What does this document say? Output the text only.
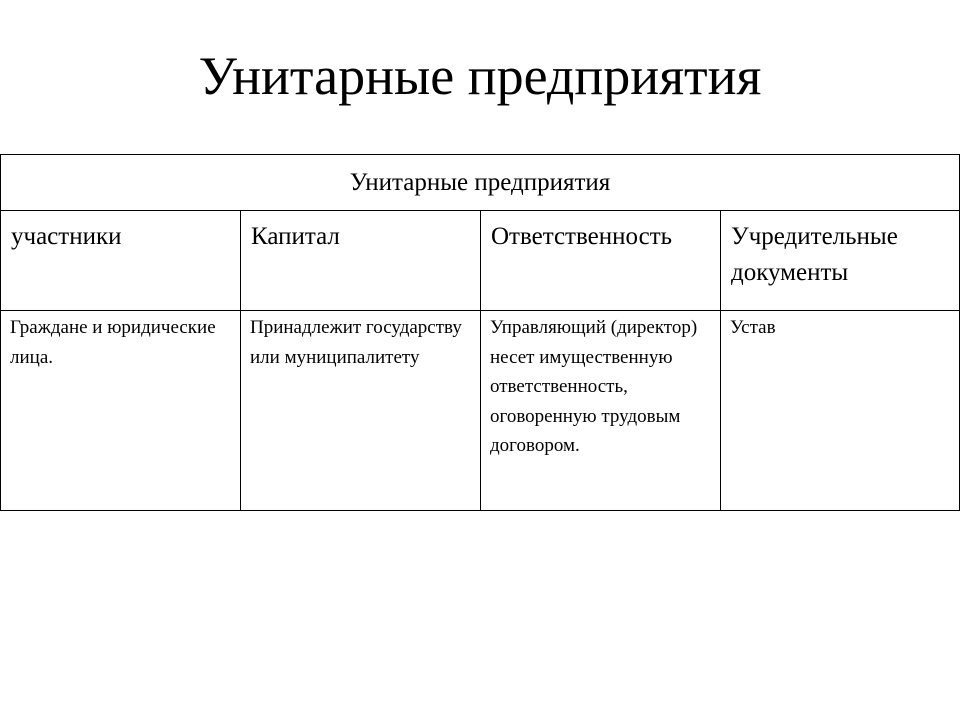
Унитарные предприятия
Унитарные предприятия			

участники	Капитал	Ответственность	Учредительные документы

Граждане и юридические лица.	Принадлежит государству или муниципалитету	Управляющий (директор) несет имущественную ответственность, оговоренную трудовым договором.	Устав
